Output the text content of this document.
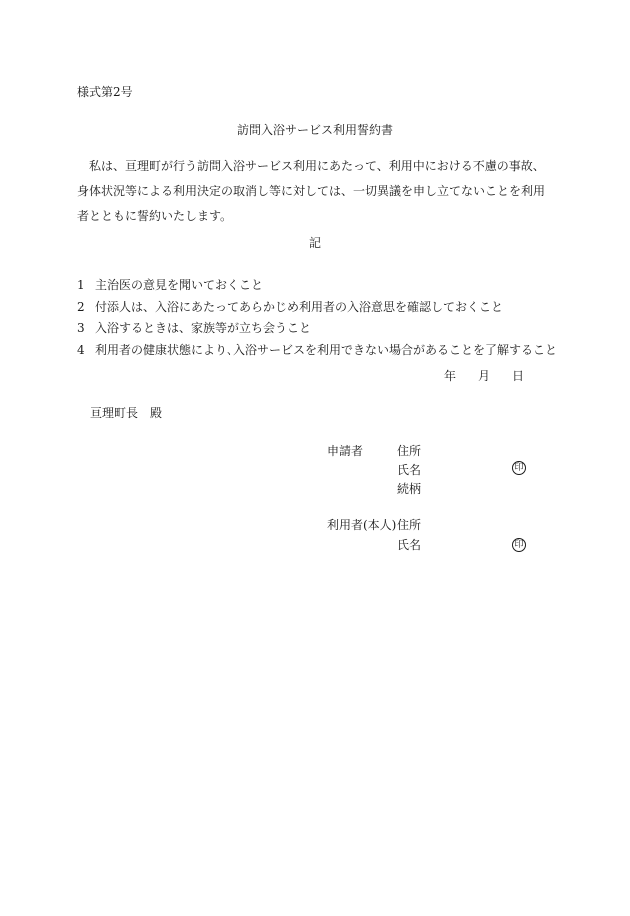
様式第2号
訪問入浴サービス利用誓約書
私は、亘理町が行う訪問入浴サービス利用にあたって、利用中における不慮の事故、身体状況等による利用決定の取消し等に対しては、一切異議を申し立てないことを利用者とともに誓約いたします。
記
1 主治医の意見を聞いておくこと
2 付添人は、入浴にあたってあらかじめ利用者の入浴意思を確認しておくこと
3 入浴するときは、家族等が立ち会うこと
4 利用者の健康状態により､入浴サービスを利用できない場合があることを了解すること
年 月 日
亘理町長　殿
申請者	住所
氏名	印
続柄
利用者(本人) 住所
氏名	印
